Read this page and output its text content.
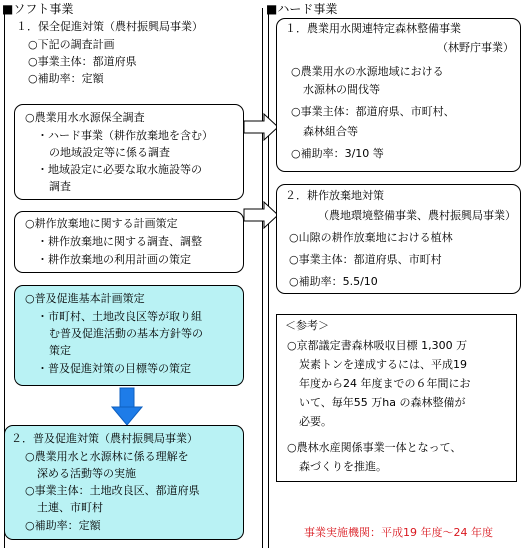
■ソフト事業	■ハード事業
１．保全促進対策（農村振興局事業）
○下記の調査計画
○事業主体：都道府県
○補助率：定額
○農業用水水源保全調査
・ハード事業（耕作放棄地を含む）
の地域設定等に係る調査
・地域設定に必要な取水施設等の
調査
○耕作放棄地に関する計画策定
・耕作放棄地に関する調査、調整
・耕作放棄地の利用計画の策定
○普及促進基本計画策定
・市町村、土地改良区等が取り組
む普及促進活動の基本方針等の
策定
・普及促進対策の目標等の策定
２．普及促進対策（農村振興局事業）
○農業用水と水源林に係る理解を
深める活動等の実施
○事業主体：土地改良区、都道府県
土連、市町村
○補助率：定額
１．農業用水関連特定森林整備事業
（林野庁事業）
○農業用水の水源地域における
水源林の間伐等
○事業主体：都道府県、市町村、
森林組合等
○補助率：3/10 等
２．耕作放棄地対策
（農地環境整備事業、農村振興局事業）
○山隙の耕作放棄地における植林
○事業主体：都道府県、市町村
○補助率：5.5/10
＜参考＞
○京都議定書森林吸収目標 1,300 万
炭素トンを達成するには、平成19
年度から24 年度までの６年間にお
いて、毎年55 万ha の森林整備が
必要。
○農林水産関係事業一体となって、
森づくりを推進。
事業実施機関：平成19 年度～24 年度
